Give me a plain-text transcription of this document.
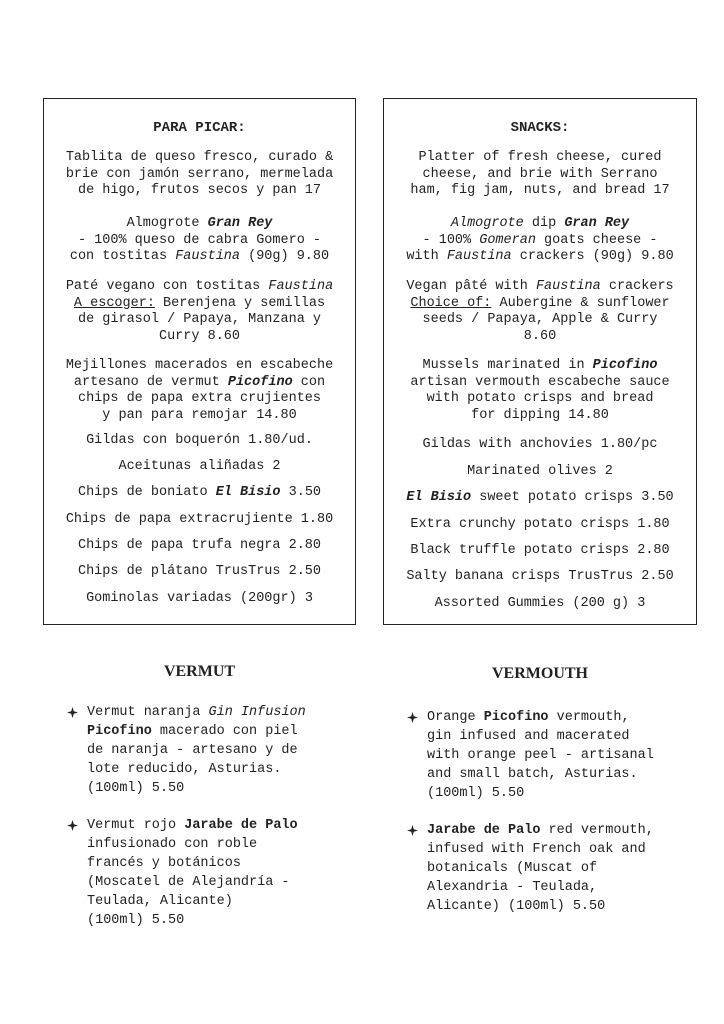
PARA PICAR:
Tablita de queso fresco, curado &
brie con jamón serrano, mermelada
de higo, frutos secos y pan 17
Almogrote Gran Rey
- 100% queso de cabra Gomero -
con tostitas Faustina (90g) 9.80
Paté vegano con tostitas Faustina
A escoger: Berenjena y semillas
de girasol / Papaya, Manzana y
Curry 8.60
Mejillones macerados en escabeche
artesano de vermut Picofino con
chips de papa extra crujientes
y pan para remojar 14.80
Gildas con boquerón 1.80/ud.
Aceitunas aliñadas 2
Chips de boniato El Bisio 3.50
Chips de papa extracrujiente 1.80
Chips de papa trufa negra 2.80
Chips de plátano TrusTrus 2.50
Gominolas variadas (200gr) 3
SNACKS:
Platter of fresh cheese, cured
cheese, and brie with Serrano
ham, fig jam, nuts, and bread 17
Almogrote dip Gran Rey
- 100% Gomeran goats cheese -
with Faustina crackers (90g) 9.80
Vegan pâté with Faustina crackers
Choice of: Aubergine & sunflower
seeds / Papaya, Apple & Curry
8.60
Mussels marinated in Picofino
artisan vermouth escabeche sauce
with potato crisps and bread
for dipping 14.80
Gildas with anchovies 1.80/pc
Marinated olives 2
El Bisio sweet potato crisps 3.50
Extra crunchy potato crisps 1.80
Black truffle potato crisps 2.80
Salty banana crisps TrusTrus 2.50
Assorted Gummies (200 g) 3
VERMUT
Vermut naranja Gin Infusion
Picofino macerado con piel
de naranja - artesano y de
lote reducido, Asturias.
(100ml) 5.50
Vermut rojo Jarabe de Palo
infusionado con roble
francés y botánicos
(Moscatel de Alejandría -
Teulada, Alicante)
(100ml) 5.50
VERMOUTH
Orange Picofino vermouth,
gin infused and macerated
with orange peel - artisanal
and small batch, Asturias.
(100ml) 5.50
Jarabe de Palo red vermouth,
infused with French oak and
botanicals (Muscat of
Alexandria - Teulada,
Alicante) (100ml) 5.50
